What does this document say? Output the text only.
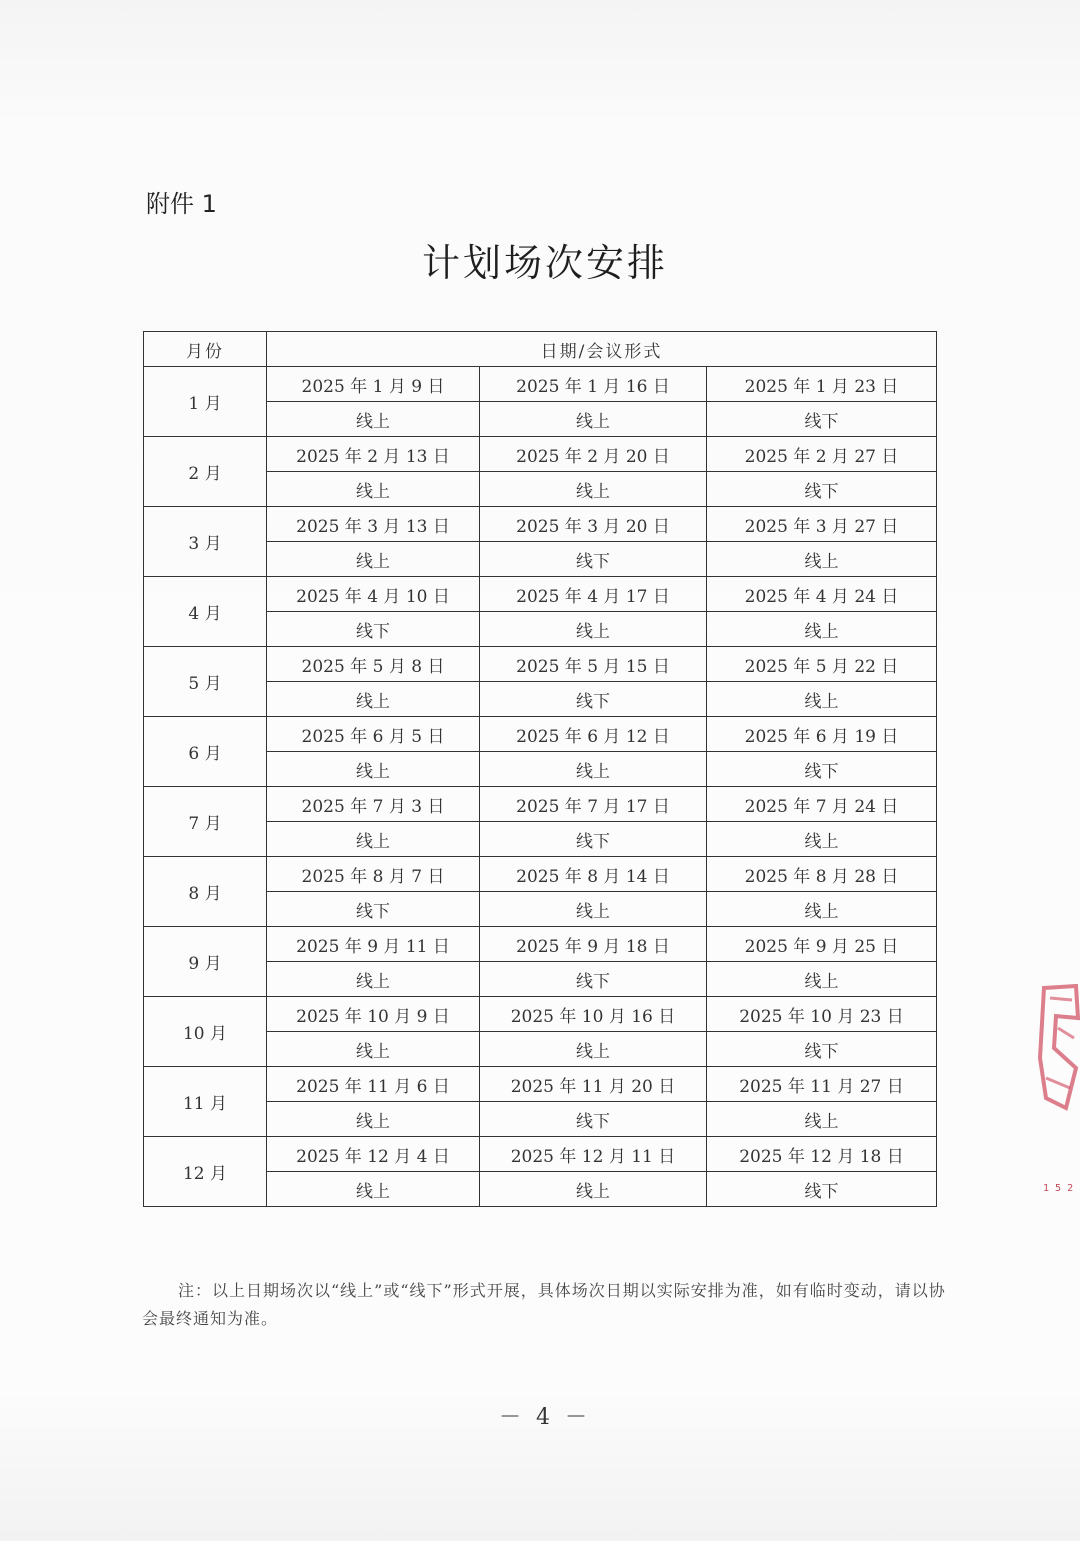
附件 1
计划场次安排
月份	日期/会议形式		
1 月	2025 年 1 月 9 日	2025 年 1 月 16 日	2025 年 1 月 23 日
	线上	线上	线下
2 月	2025 年 2 月 13 日	2025 年 2 月 20 日	2025 年 2 月 27 日
	线上	线上	线下
3 月	2025 年 3 月 13 日	2025 年 3 月 20 日	2025 年 3 月 27 日
	线上	线下	线上
4 月	2025 年 4 月 10 日	2025 年 4 月 17 日	2025 年 4 月 24 日
	线下	线上	线上
5 月	2025 年 5 月 8 日	2025 年 5 月 15 日	2025 年 5 月 22 日
	线上	线下	线上
6 月	2025 年 6 月 5 日	2025 年 6 月 12 日	2025 年 6 月 19 日
	线上	线上	线下
7 月	2025 年 7 月 3 日	2025 年 7 月 17 日	2025 年 7 月 24 日
	线上	线下	线上
8 月	2025 年 8 月 7 日	2025 年 8 月 14 日	2025 年 8 月 28 日
	线下	线上	线上
9 月	2025 年 9 月 11 日	2025 年 9 月 18 日	2025 年 9 月 25 日
	线上	线下	线上
10 月	2025 年 10 月 9 日	2025 年 10 月 16 日	2025 年 10 月 23 日
	线上	线上	线下
11 月	2025 年 11 月 6 日	2025 年 11 月 20 日	2025 年 11 月 27 日
	线上	线下	线上
12 月	2025 年 12 月 4 日	2025 年 12 月 11 日	2025 年 12 月 18 日
	线上	线上	线下
注：以上日期场次以“线上”或“线下”形式开展，具体场次日期以实际安排为准，如有临时变动，请以协会最终通知为准。
－ 4 －
1 5 2
